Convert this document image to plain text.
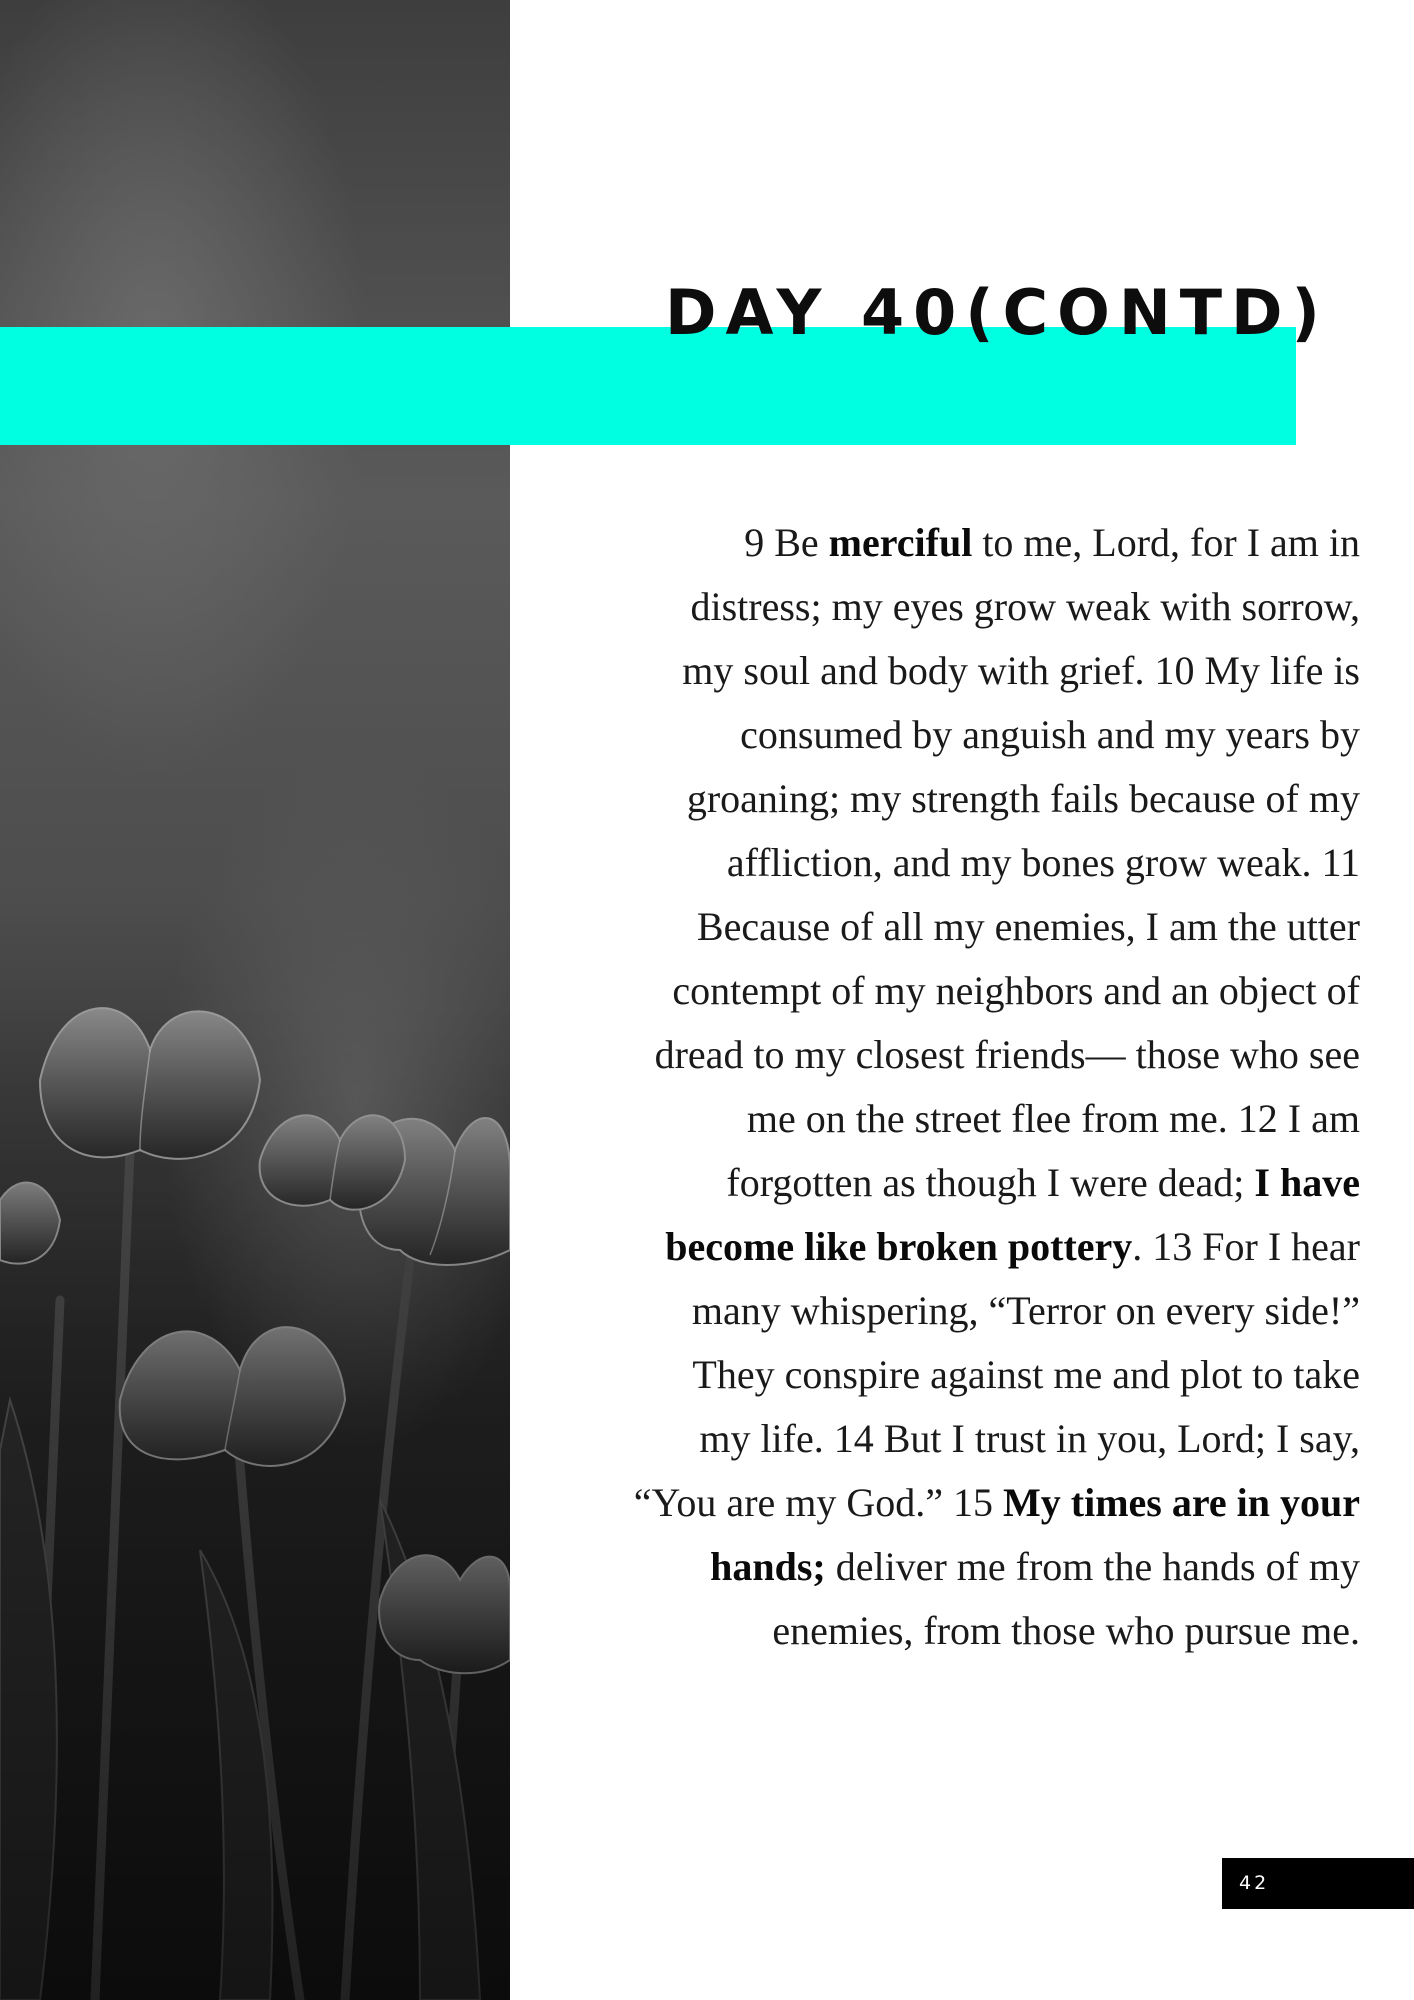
DAY 40(CONTD)
9 Be merciful to me, Lord, for I am in
distress; my eyes grow weak with sorrow,
my soul and body with grief. 10 My life is
consumed by anguish and my years by
groaning; my strength fails because of my
affliction, and my bones grow weak. 11
Because of all my enemies, I am the utter
contempt of my neighbors and an object of
dread to my closest friends— those who see
me on the street flee from me. 12 I am
forgotten as though I were dead; I have
become like broken pottery. 13 For I hear
many whispering, “Terror on every side!”
They conspire against me and plot to take
my life. 14 But I trust in you, Lord; I say,
“You are my God.” 15 My times are in your
hands; deliver me from the hands of my
enemies, from those who pursue me.
42
